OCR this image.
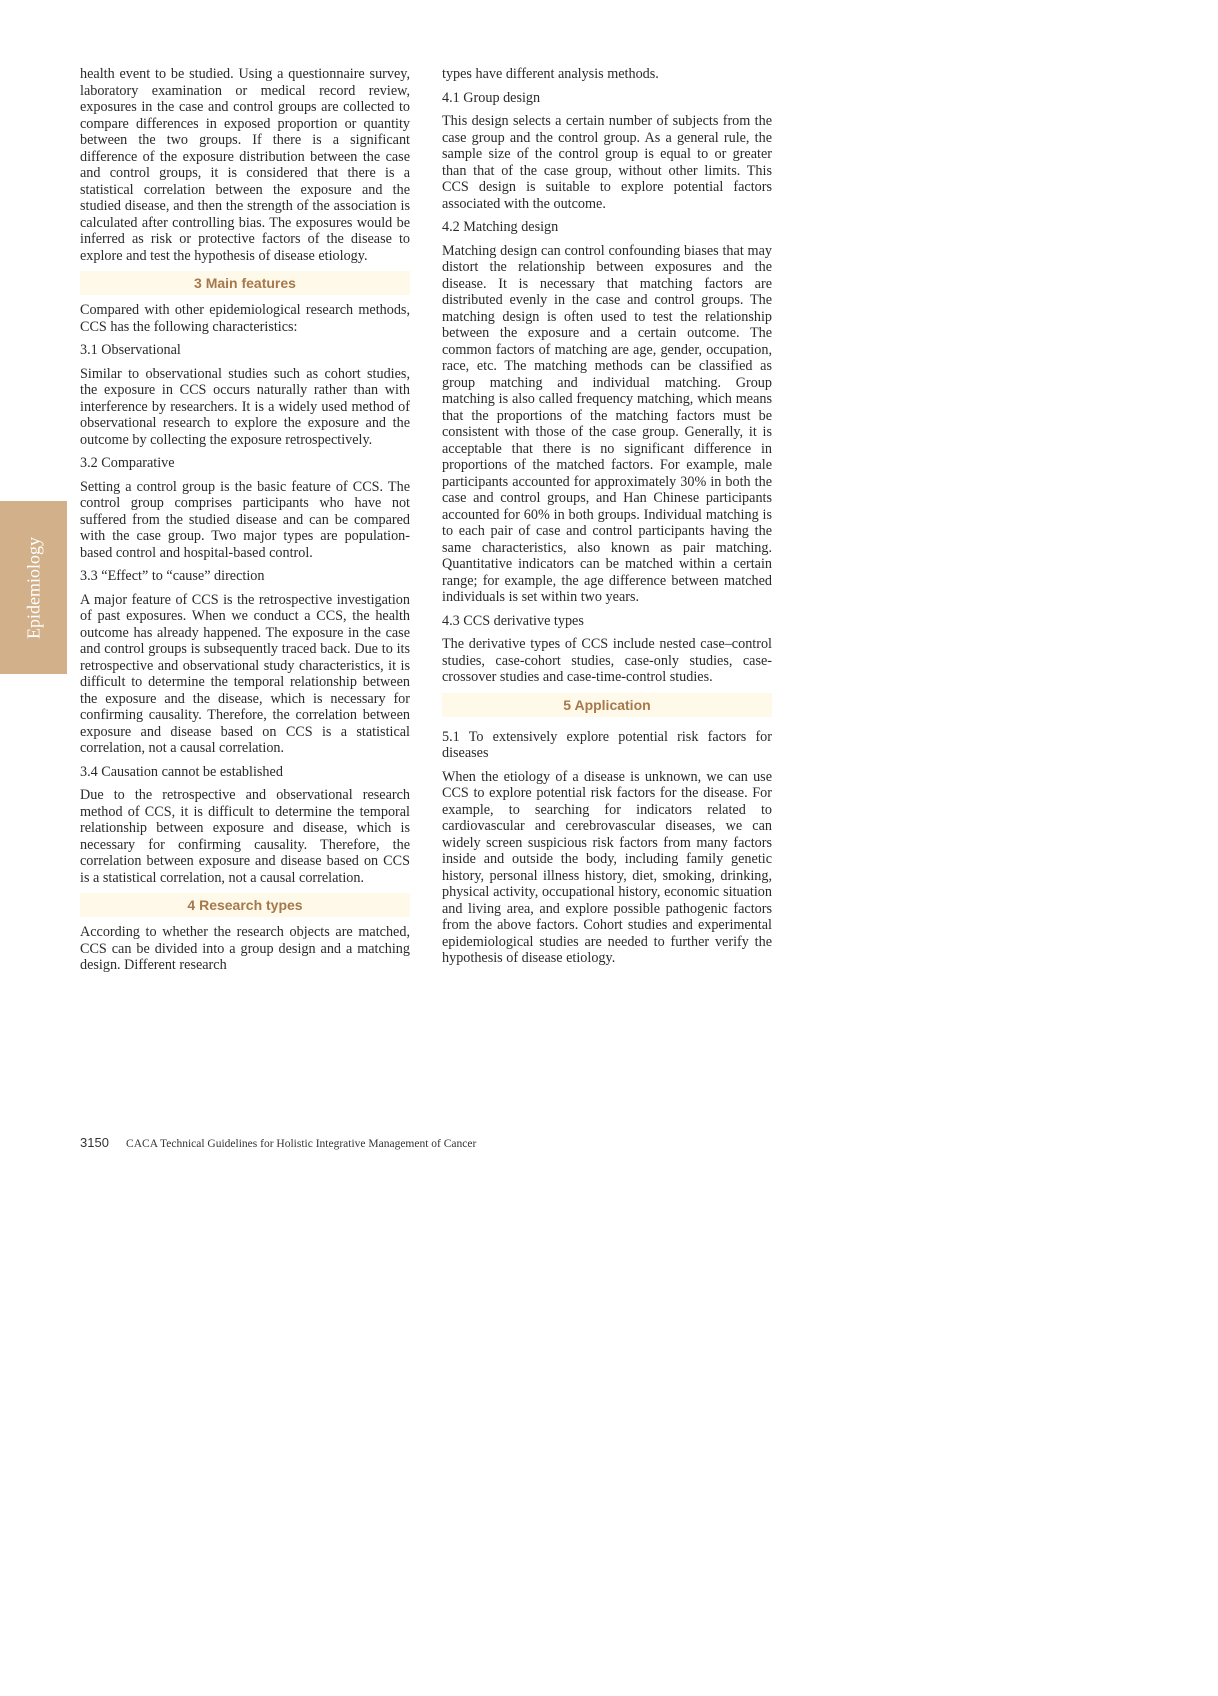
Epidemiology

health event to be studied. Using a questionnaire survey, laboratory examination or medical record review, exposures in the case and control groups are collected to compare differences in exposed proportion or quantity between the two groups. If there is a significant difference of the exposure distribution between the case and control groups, it is considered that there is a statistical correlation between the exposure and the studied disease, and then the strength of the association is calculated after controlling bias. The exposures would be inferred as risk or protective factors of the disease to explore and test the hypothesis of disease etiology.

3 Main features

Compared with other epidemiological research methods, CCS has the following characteristics:

3.1 Observational

Similar to observational studies such as cohort studies, the exposure in CCS occurs naturally rather than with interference by researchers. It is a widely used method of observational research to explore the exposure and the outcome by collecting the exposure retrospectively.

3.2 Comparative

Setting a control group is the basic feature of CCS. The control group comprises participants who have not suffered from the studied disease and can be compared with the case group. Two major types are population-based control and hospital-based control.

3.3 “Effect” to “cause” direction

A major feature of CCS is the retrospective investigation of past exposures. When we conduct a CCS, the health outcome has already happened. The exposure in the case and control groups is subsequently traced back. Due to its retrospective and observational study characteristics, it is difficult to determine the temporal relationship between the exposure and the disease, which is necessary for confirming causality. Therefore, the correlation between exposure and disease based on CCS is a statistical correlation, not a causal correlation.

3.4 Causation cannot be established

Due to the retrospective and observational research method of CCS, it is difficult to determine the temporal relationship between exposure and disease, which is necessary for confirming causality. Therefore, the correlation between exposure and disease based on CCS is a statistical correlation, not a causal correlation.

4 Research types

According to whether the research objects are matched, CCS can be divided into a group design and a matching design. Different research

types have different analysis methods.

4.1 Group design

This design selects a certain number of subjects from the case group and the control group. As a general rule, the sample size of the control group is equal to or greater than that of the case group, without other limits. This CCS design is suitable to explore potential factors associated with the outcome.

4.2 Matching design

Matching design can control confounding biases that may distort the relationship between exposures and the disease. It is necessary that matching factors are distributed evenly in the case and control groups. The matching design is often used to test the relationship between the exposure and a certain outcome. The common factors of matching are age, gender, occupation, race, etc. The matching methods can be classified as group matching and individual matching. Group matching is also called frequency matching, which means that the proportions of the matching factors must be consistent with those of the case group. Generally, it is acceptable that there is no significant difference in proportions of the matched factors. For example, male participants accounted for approximately 30% in both the case and control groups, and Han Chinese participants accounted for 60% in both groups. Individual matching is to each pair of case and control participants having the same characteristics, also known as pair matching. Quantitative indicators can be matched within a certain range; for example, the age difference between matched individuals is set within two years.

4.3 CCS derivative types

The derivative types of CCS include nested case–control studies, case-cohort studies, case-only studies, case-crossover studies and case-time-control studies.

5 Application
5.1 To extensively explore potential risk factors for diseases

When the etiology of a disease is unknown, we can use CCS to explore potential risk factors for the disease. For example, to searching for indicators related to cardiovascular and cerebrovascular diseases, we can widely screen suspicious risk factors from many factors inside and outside the body, including family genetic history, personal illness history, diet, smoking, drinking, physical activity, occupational history, economic situation and living area, and explore possible pathogenic factors from the above factors. Cohort studies and experimental epidemiological studies are needed to further verify the hypothesis of disease etiology.

3150 CACA Technical Guidelines for Holistic Integrative Management of Cancer
